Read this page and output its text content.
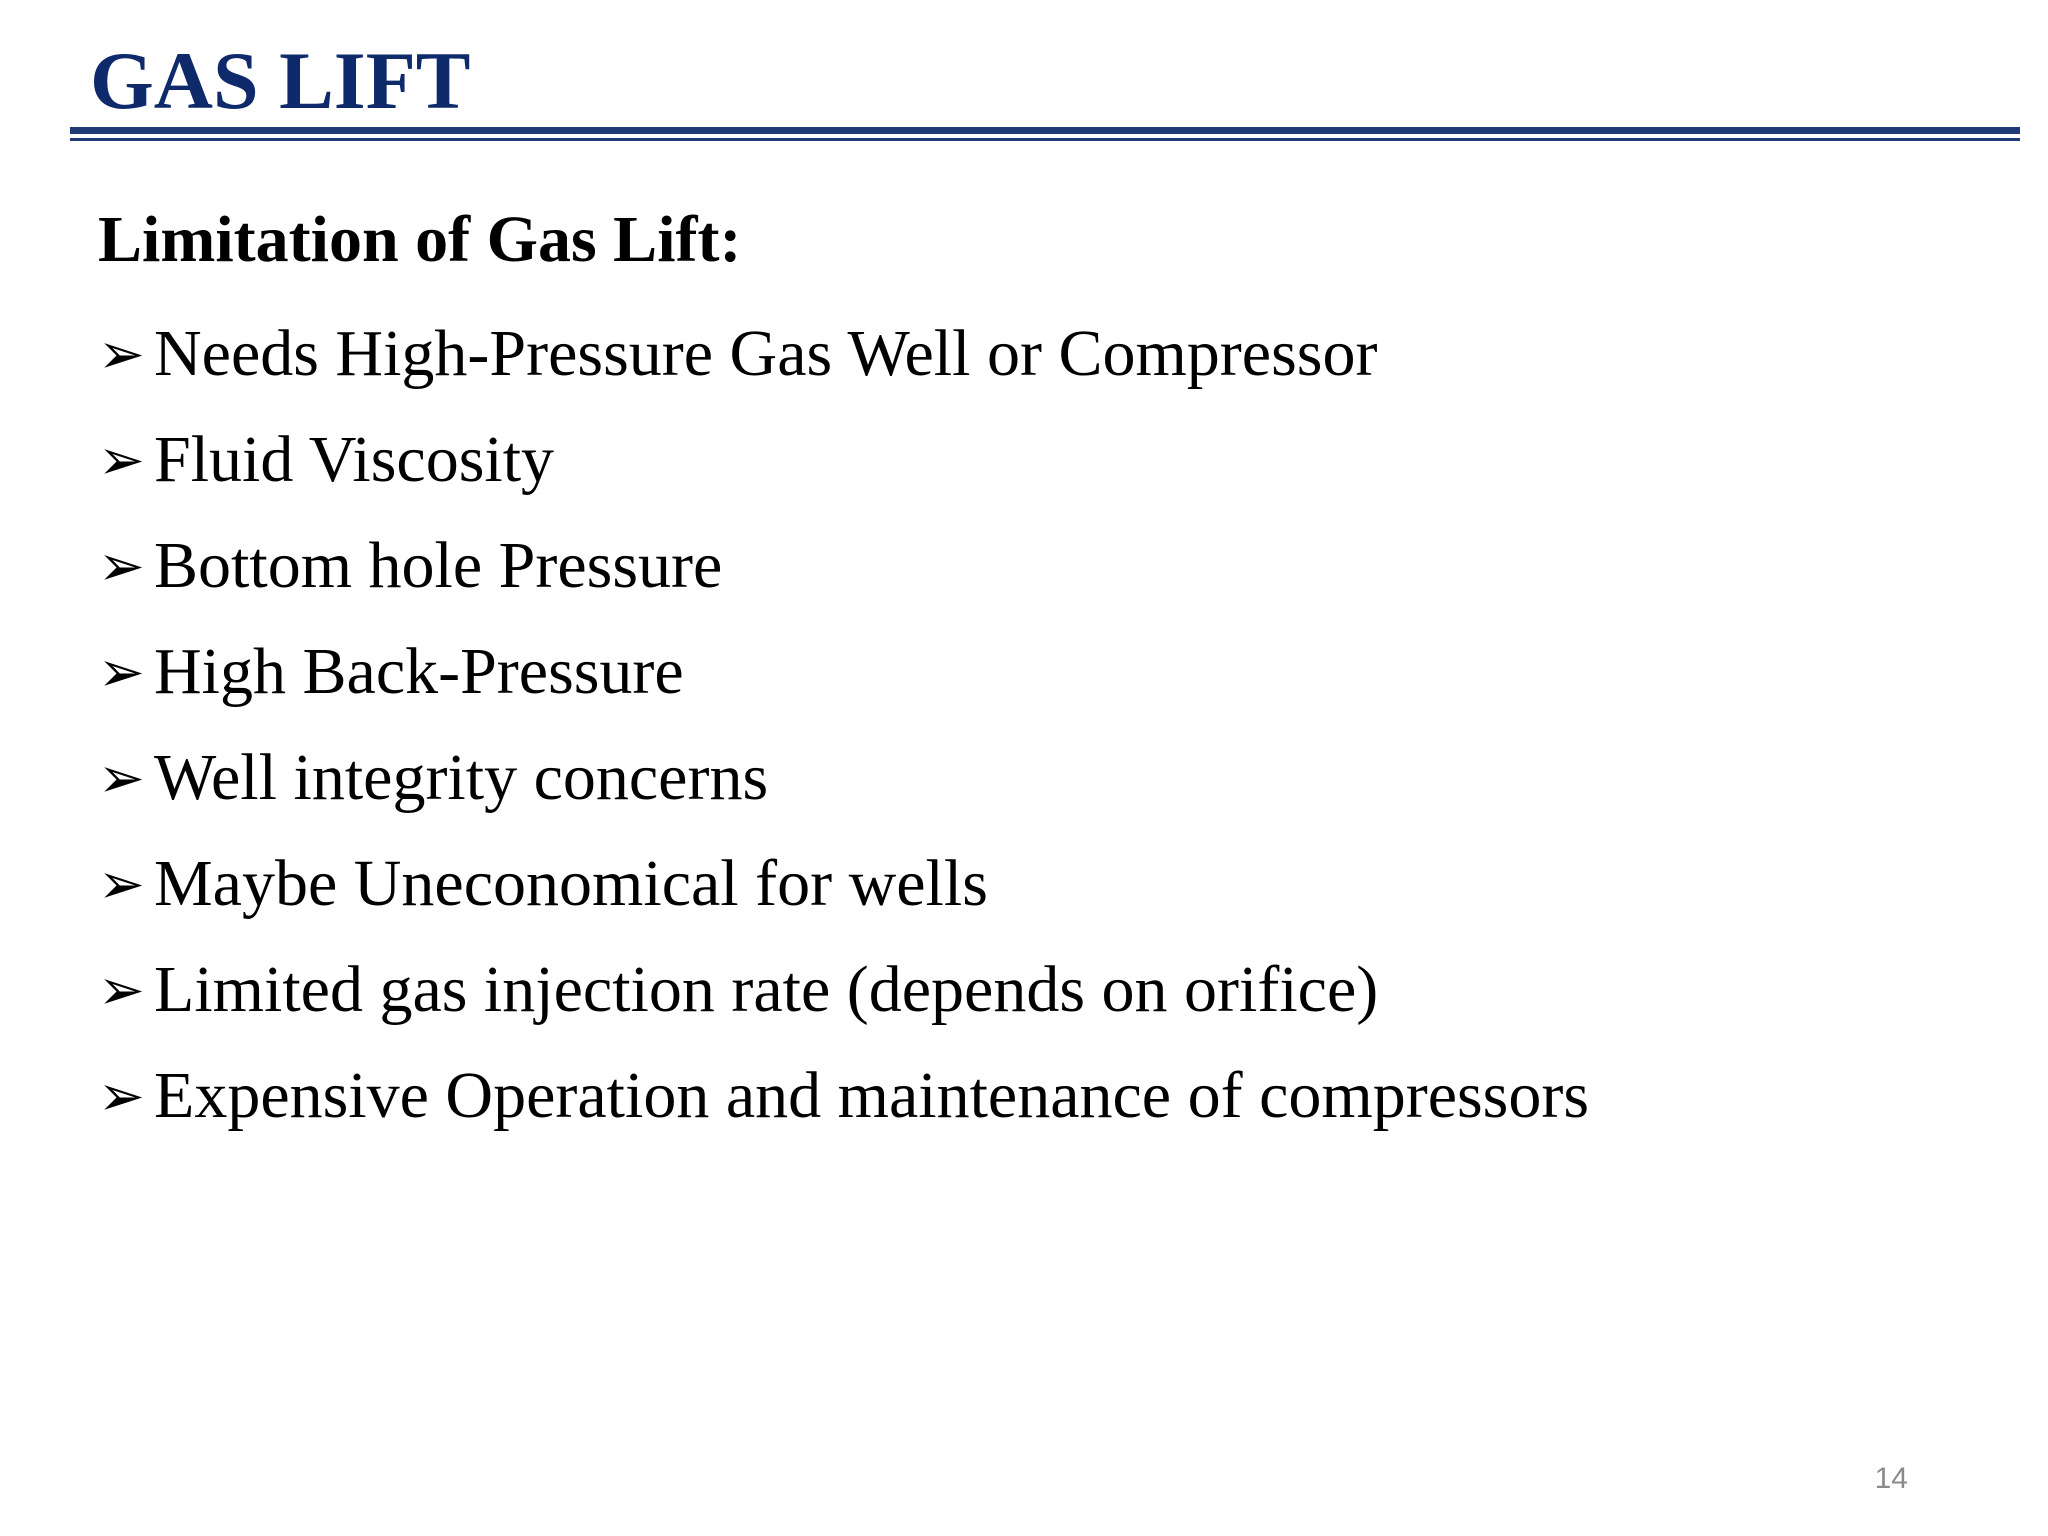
GAS LIFT

Limitation of Gas Lift:

➢ Needs High-Pressure Gas Well or Compressor
➢ Fluid Viscosity
➢ Bottom hole Pressure
➢ High Back-Pressure
➢ Well integrity concerns
➢ Maybe Uneconomical for wells
➢ Limited gas injection rate (depends on orifice)
➢ Expensive Operation and maintenance of compressors
14
